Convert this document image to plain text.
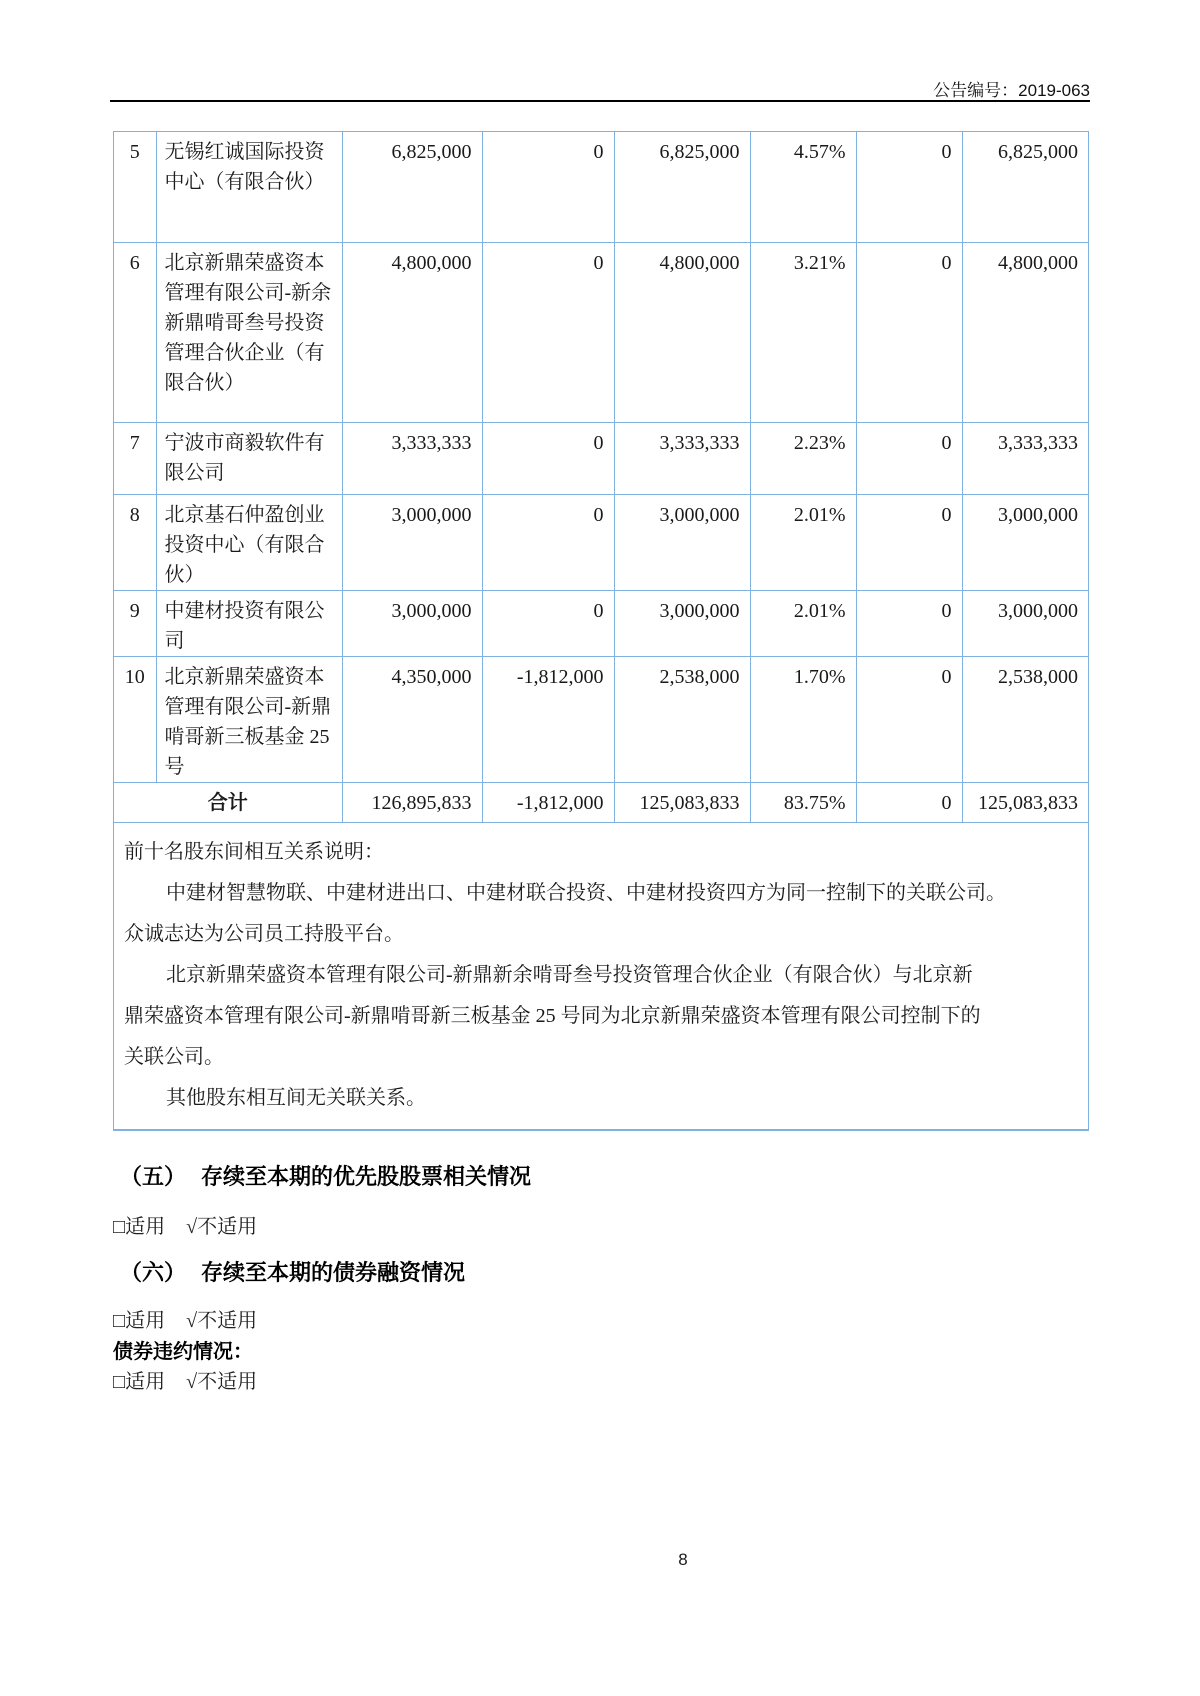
公告编号：2019-063
5	无锡红诚国际投资中心（有限合伙）	6,825,000	0	6,825,000	4.57%	0	6,825,000
6	北京新鼎荣盛资本管理有限公司-新余新鼎啃哥叁号投资管理合伙企业（有限合伙）	4,800,000	0	4,800,000	3.21%	0	4,800,000
7	宁波市商毅软件有限公司	3,333,333	0	3,333,333	2.23%	0	3,333,333
8	北京基石仲盈创业投资中心（有限合伙）	3,000,000	0	3,000,000	2.01%	0	3,000,000
9	中建材投资有限公司	3,000,000	0	3,000,000	2.01%	0	3,000,000
10	北京新鼎荣盛资本管理有限公司-新鼎啃哥新三板基金 25 号	4,350,000	-1,812,000	2,538,000	1.70%	0	2,538,000
合计		126,895,833	-1,812,000	125,083,833	83.75%	0	125,083,833
前十名股东间相互关系说明：
中建材智慧物联、中建材进出口、中建材联合投资、中建材投资四方为同一控制下的关联公司。
众诚志达为公司员工持股平台。
北京新鼎荣盛资本管理有限公司-新鼎新余啃哥叁号投资管理合伙企业（有限合伙）与北京新
鼎荣盛资本管理有限公司-新鼎啃哥新三板基金 25 号同为北京新鼎荣盛资本管理有限公司控制下的
关联公司。
其他股东相互间无关联关系。
（五） 存续至本期的优先股股票相关情况
□适用 √不适用
（六） 存续至本期的债券融资情况
□适用 √不适用
债券违约情况：
□适用 √不适用
8
